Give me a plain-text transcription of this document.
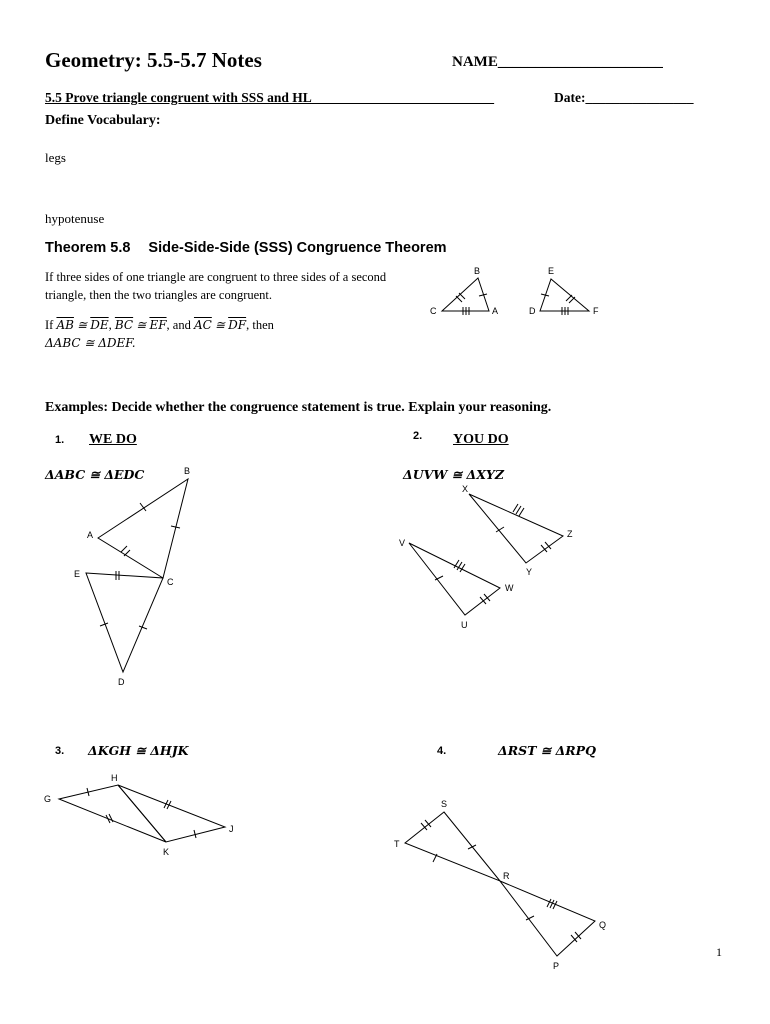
Geometry: 5.5-5.7 Notes	NAME______________________
5.5 Prove triangle congruent with SSS and HL___________________________	Date:________________
Define Vocabulary:
legs
hypotenuse
Theorem 5.8 Side-Side-Side (SSS) Congruence Theorem
If three sides of one triangle are congruent to three sides of a second triangle, then the two triangles are congruent.
If $\overline{AB}$ ≅ $\overline{DE}$, $\overline{BC}$ ≅ $\overline{EF}$, and $\overline{AC}$ ≅ $\overline{DF}$, then
ΔABC ≅ ΔDEF.
Examples: Decide whether the congruence statement is true. Explain your reasoning.
1. WE DO
ΔABC ≅ ΔEDC
2. YOU DO
ΔUVW ≅ ΔXYZ
3. ΔKGH ≅ ΔHJK	4.	ΔRST ≅ ΔRPQ
1
B
C	A
E
D	F
B
A
E
C
D
X
Z
V
Y
W
U
H
G
J
K
S
T
R
Q
P
